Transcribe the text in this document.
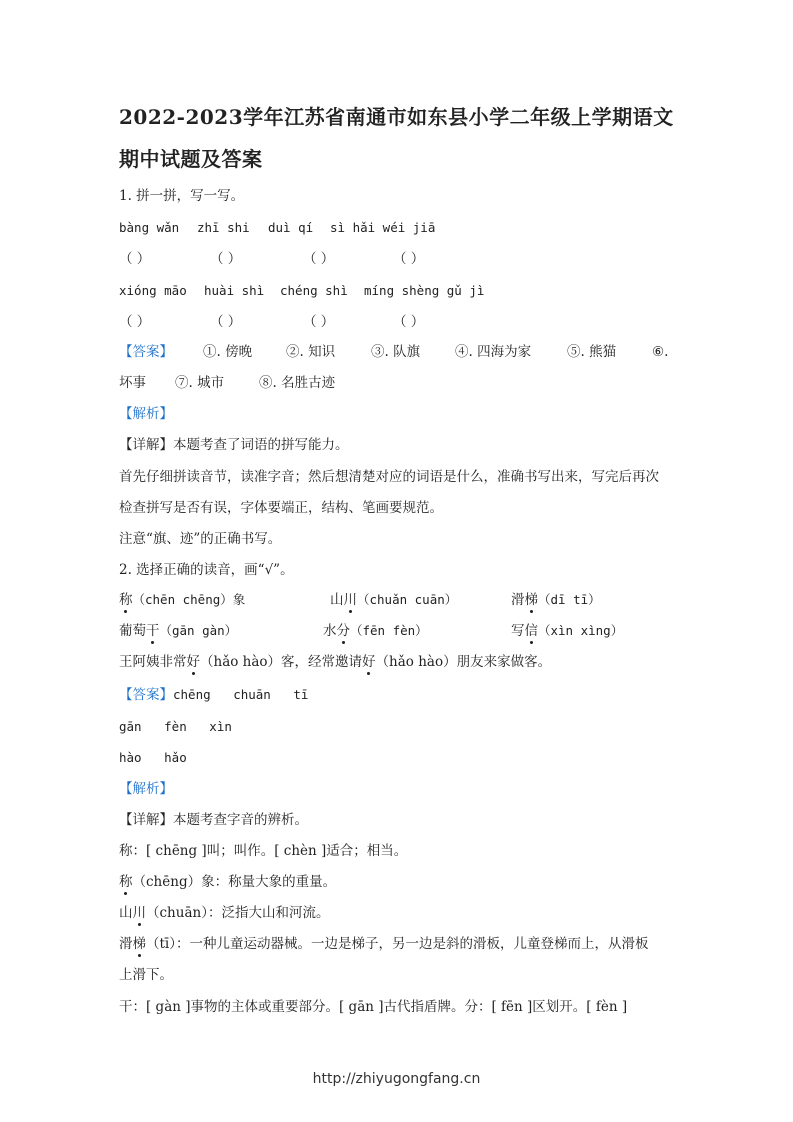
2022-2023学年江苏省南通市如东县小学二年级上学期语文
期中试题及答案
1. 拼一拼，写一写。
bàng wǎn zhī shi duì qí sì hǎi wéi jiā
（ ）	（ ）	（ ）	（ ）
xióng māo huài shì chéng shì míng shèng gǔ jì
（ ）	（ ）	（ ）	（ ）
【答案】 ①. 傍晚	②. 知识	③. 队旗	④. 四海为家	⑤. 熊猫	⑥.
坏事 ⑦. 城市	⑧. 名胜古迹
【解析】
【详解】本题考查了词语的拼写能力。
首先仔细拼读音节，读准字音；然后想清楚对应的词语是什么，准确书写出来，写完后再次
检查拼写是否有误，字体要端正，结构、笔画要规范。
注意“旗、迹”的正确书写。
2. 选择正确的读音，画“√”。
称（chēn chēng）象	山川（chuǎn cuān）	滑梯（dī tī）
葡萄干（gān gàn）	水分（fēn fèn）	写信（xìn xìng）
王阿姨非常好（hǎo hào）客，经常邀请好（hǎo hào）朋友来家做客。
【答案】chēng   chuān   tī
gān   fèn   xìn
hào   hǎo
【解析】
【详解】本题考查字音的辨析。
称：[ chēng ]叫；叫作。[ chèn ]适合；相当。
称（chēng）象：称量大象的重量。
山川（chuān）：泛指大山和河流。
滑梯（tī）：一种儿童运动器械。一边是梯子，另一边是斜的滑板，儿童登梯而上，从滑板
上滑下。
干：[ gàn ]事物的主体或重要部分。[ gān ]古代指盾牌。分：[ fēn ]区划开。[ fèn ]
http://zhiyugongfang.cn
